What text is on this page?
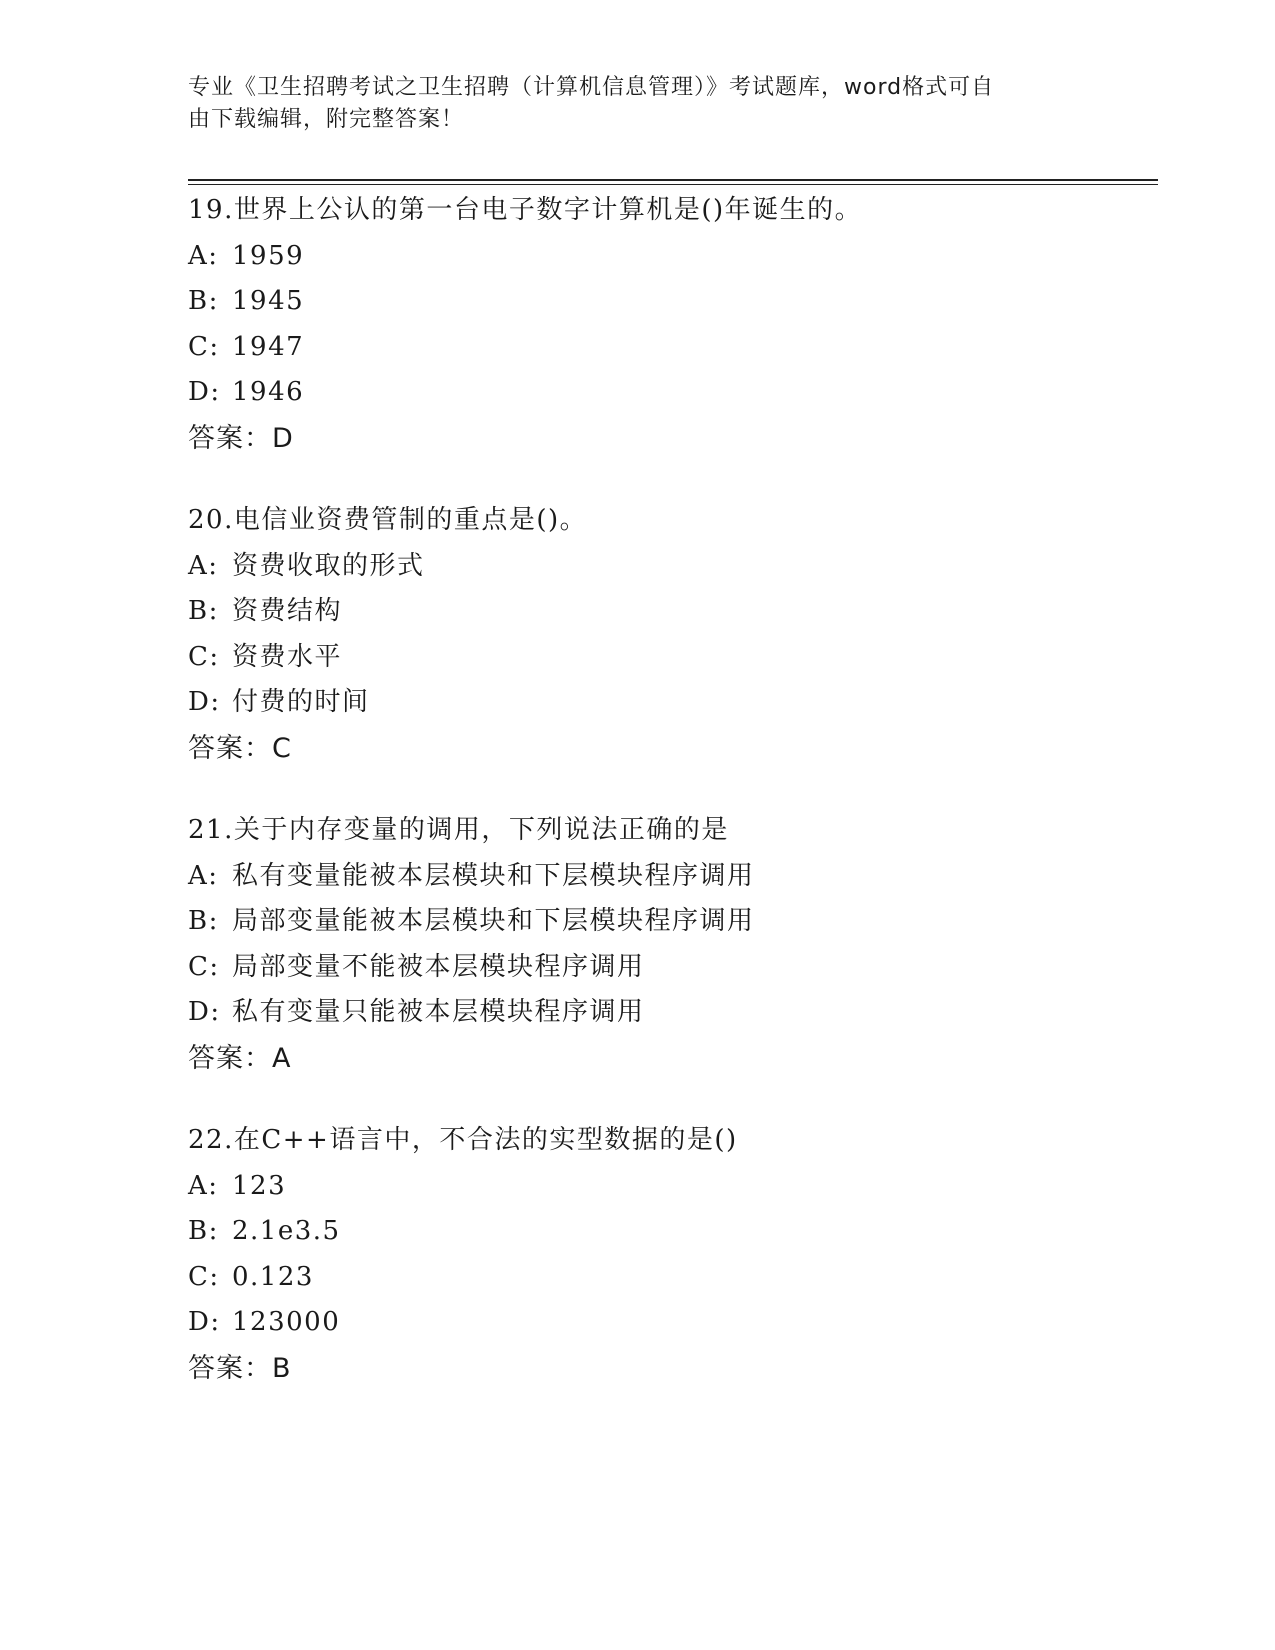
专业《卫生招聘考试之卫生招聘（计算机信息管理）》考试题库，word格式可自
由下载编辑，附完整答案！
19.世界上公认的第一台电子数字计算机是()年诞生的。
A: 1959
B: 1945
C: 1947
D: 1946
答案：D
20.电信业资费管制的重点是()。
A: 资费收取的形式
B: 资费结构
C: 资费水平
D: 付费的时间
答案：C
21.关于内存变量的调用，下列说法正确的是
A: 私有变量能被本层模块和下层模块程序调用
B: 局部变量能被本层模块和下层模块程序调用
C: 局部变量不能被本层模块程序调用
D: 私有变量只能被本层模块程序调用
答案：A
22.在C++语言中，不合法的实型数据的是()
A: 123
B: 2.1e3.5
C: 0.123
D: 123000
答案：B
